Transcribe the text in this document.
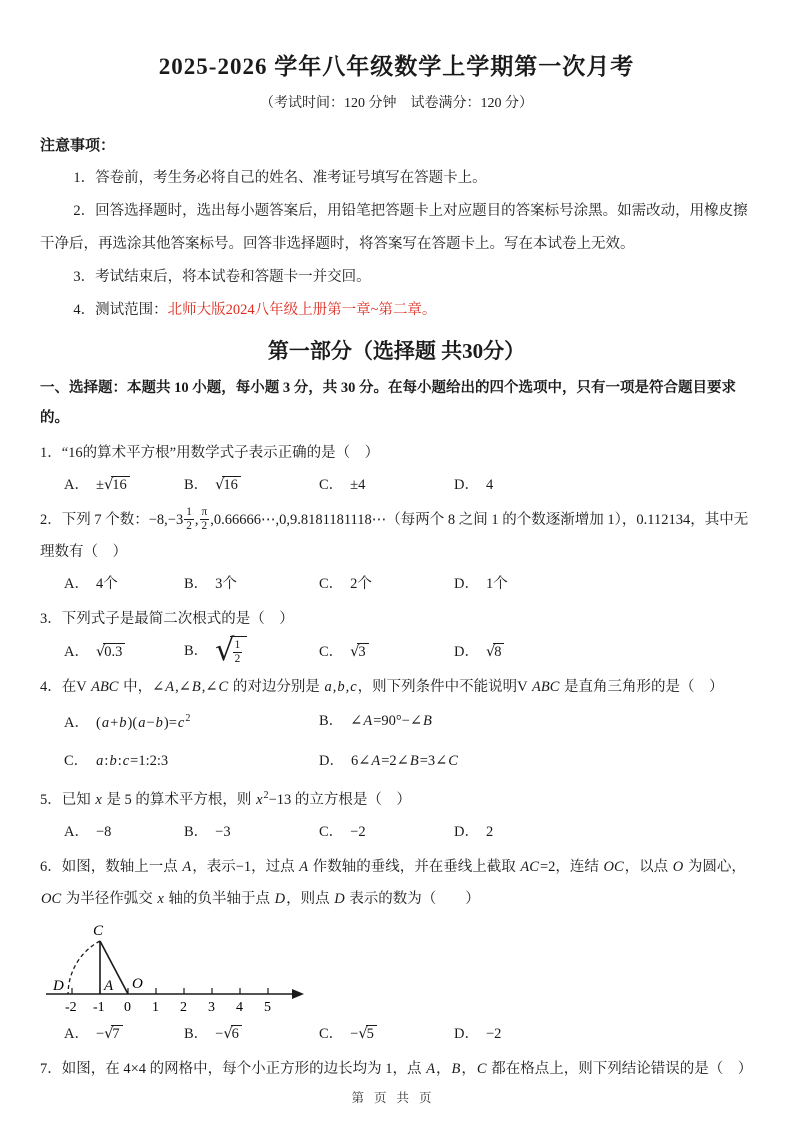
2025-2026 学年八年级数学上学期第一次月考
（考试时间：120 分钟　试卷满分：120 分）

注意事项：

1．答卷前，考生务必将自己的姓名、准考证号填写在答题卡上。

2．回答选择题时，选出每小题答案后，用铅笔把答题卡上对应题目的答案标号涂黑。如需改动，用橡皮擦干净后，再选涂其他答案标号。回答非选择题时，将答案写在答题卡上。写在本试卷上无效。

3．考试结束后，将本试卷和答题卡一并交回。

4．测试范围：北师大版2024八年级上册第一章~第二章。

第一部分（选择题 共30分）

一、选择题：本题共 10 小题，每小题 3 分，共 30 分。在每小题给出的四个选项中，只有一项是符合题目要求的。

1．“16的算术平方根”用数学式子表示正确的是（　）

A． ±√16	B． √16	C． ±4	D． 4

2．下列 7 个数：$-8,-3 \frac{1}{2}$ , $\frac{\pi}{2}$ ,0.66666⋯,0,9.8181181118⋯（每两个 8 之间 1 的个数逐渐增加 1），0.112134，其中无理数有（　）

A． 4个	B． 3个	C． 2个	D． 1个

3．下列式子是最简二次根式的是（　）

A． √0.3	B． √
$\frac{1}{2}$	C． √3	D． √8

4．在V ABC 中，∠A,∠B,∠C 的对边分别是 a,b,c，则下列条件中不能说明V ABC 是直角三角形的是（　）

A． $(a+b)(a-b)=c^2$	B． ∠A=90°−∠B
C． a:b:c=1:2:3	D． 6∠A=2∠B=3∠C

5．已知 x 是 5 的算术平方根，则 $x^2-13$ 的立方根是（　）

A． −8	B． −3	C． −2	D． 2

6．如图，数轴上一点 A，表示−1，过点 A 作数轴的垂线，并在垂线上截取 AC=2，连结 OC，以点 O 为圆心，OC 为半径作弧交 x 轴的负半轴于点 D，则点 D 表示的数为（　　）

C
D	A O
-2 -1 0 1 2 3 4 5
A． −√7	B． −√6	C． −√5	D． −2

7．如图，在 4×4 的网格中，每个小正方形的边长均为 1，点 A，B，C 都在格点上，则下列结论错误的是（　）

第页共页
